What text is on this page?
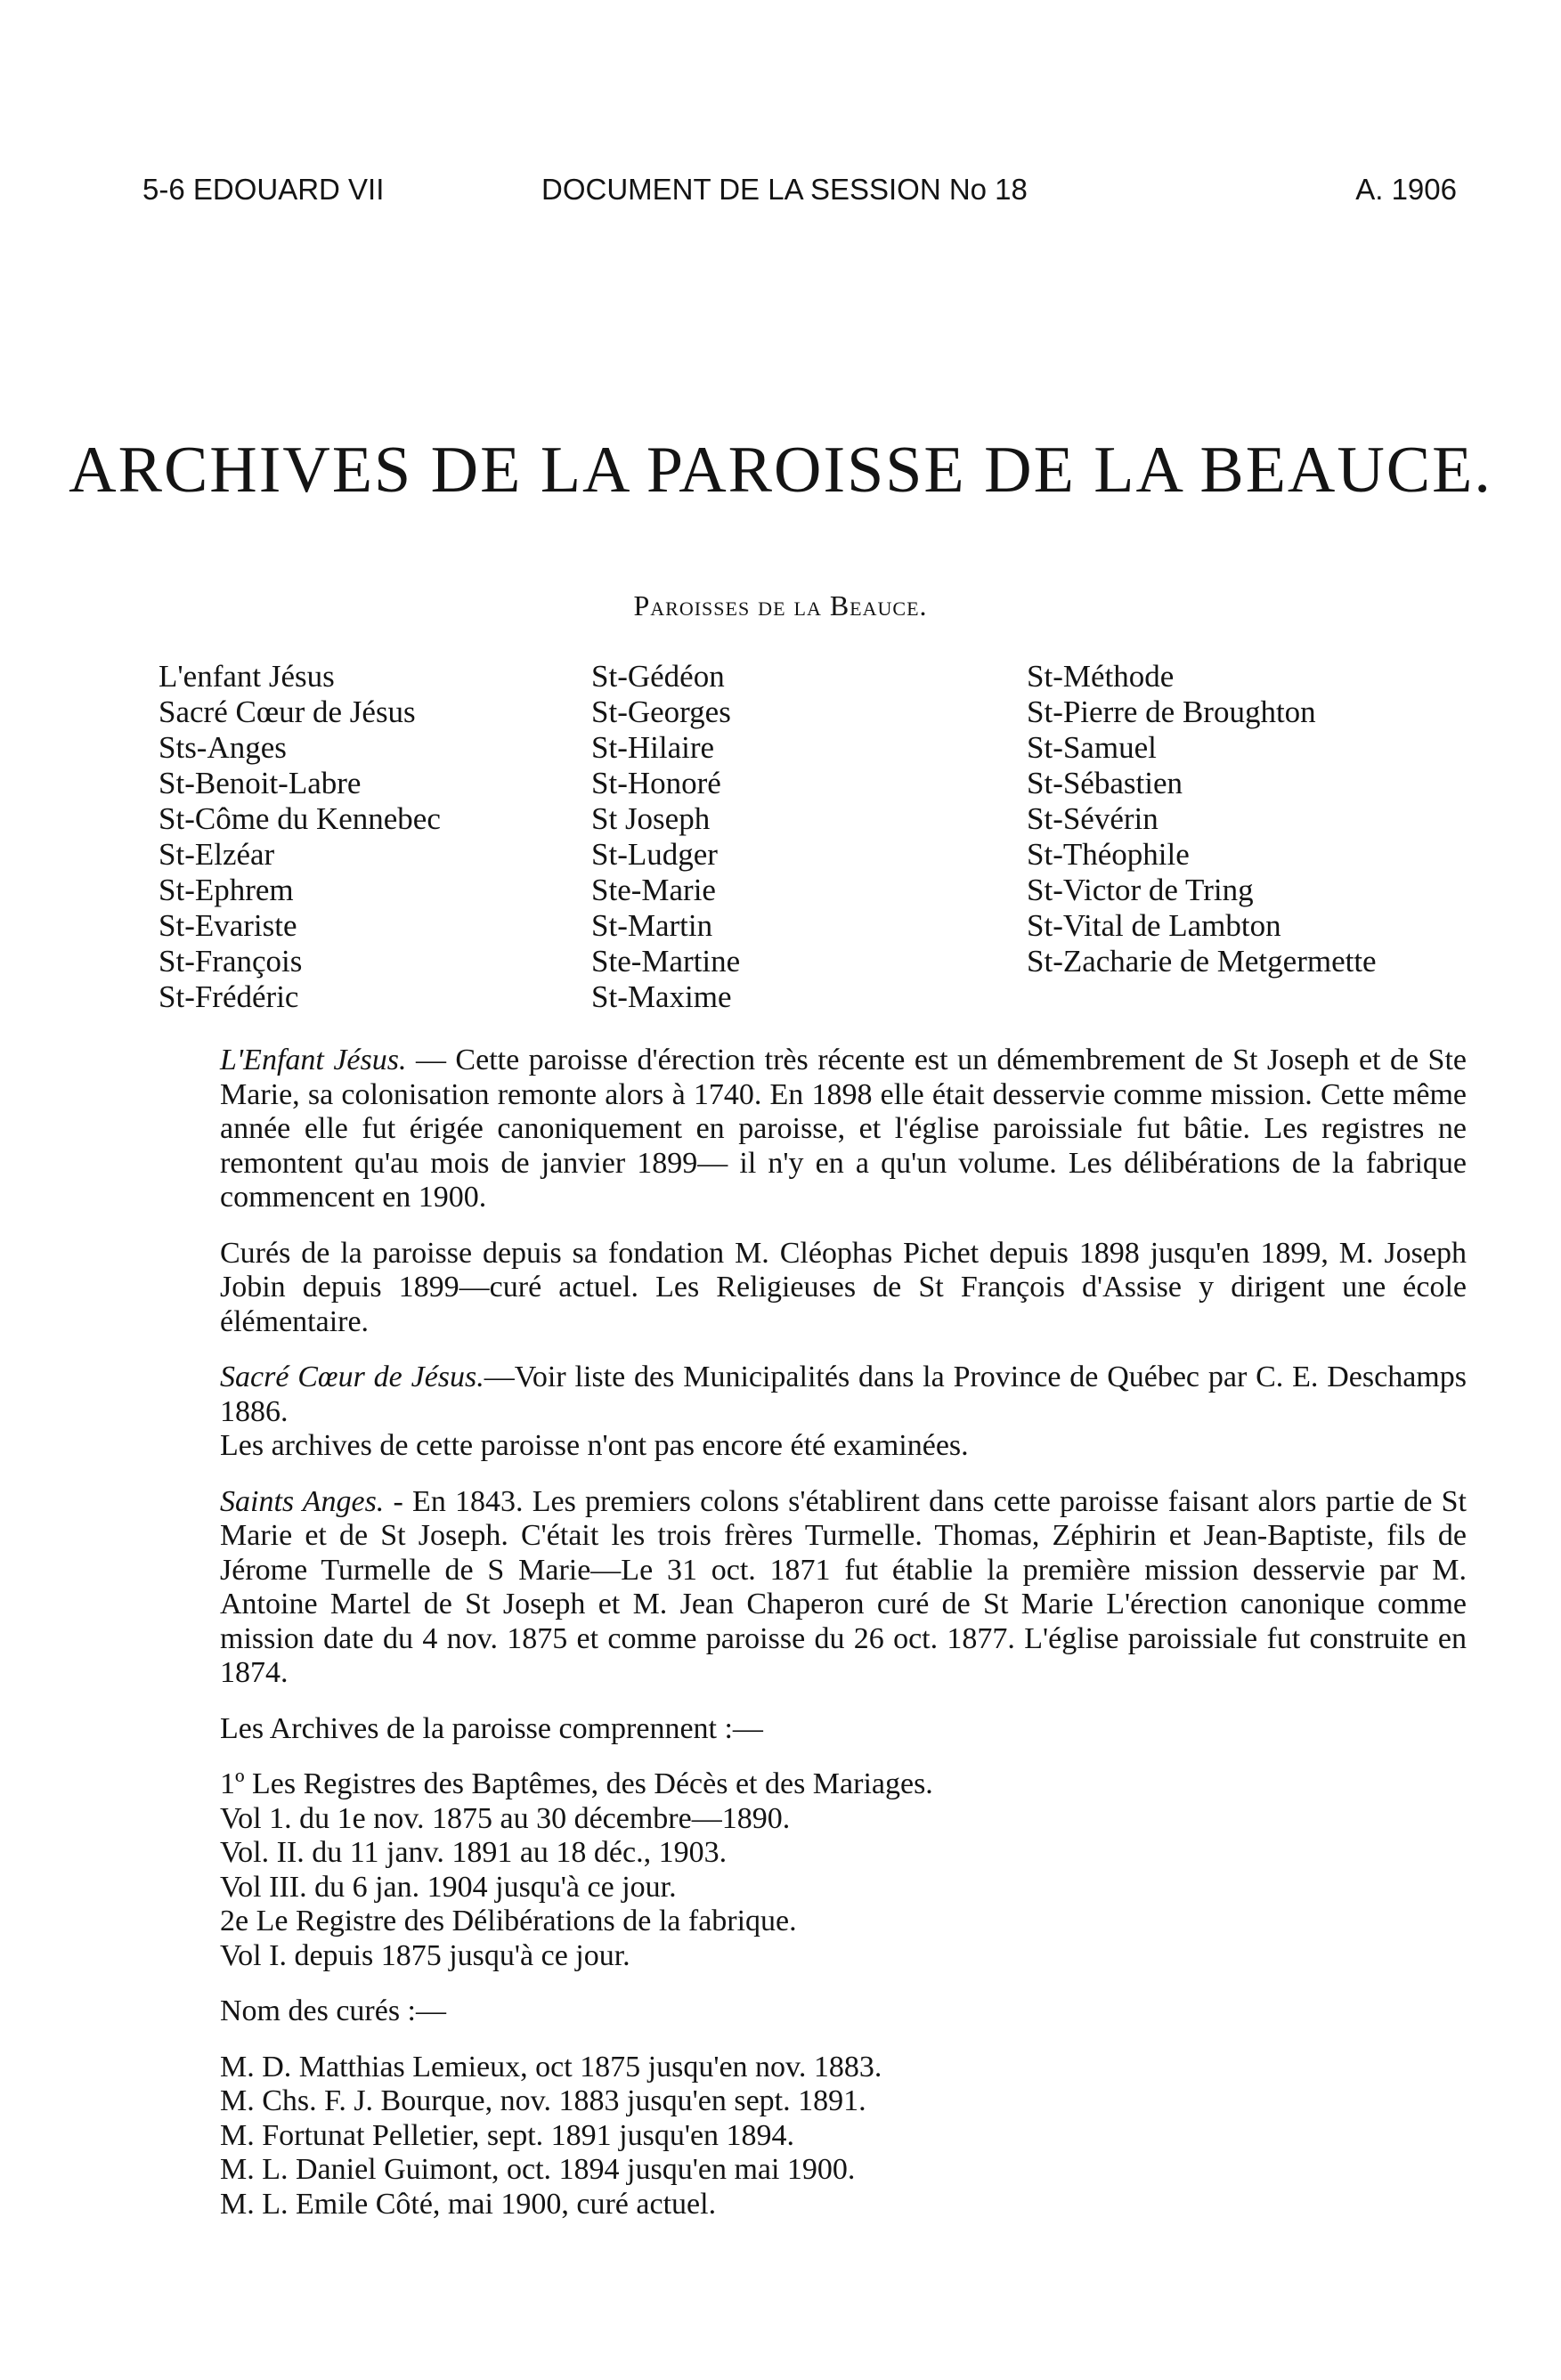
5-6 EDOUARD VII	DOCUMENT DE LA SESSION No 18	A. 1906
ARCHIVES DE LA PAROISSE DE LA BEAUCE.
Paroisses de la Beauce.
L'enfant Jésus
Sacré Cœur de Jésus
Sts-Anges
St-Benoit-Labre
St-Côme du Kennebec
St-Elzéar
St-Ephrem
St-Evariste
St-François
St-Frédéric
St-Gédéon
St-Georges
St-Hilaire
St-Honoré
St Joseph
St-Ludger
Ste-Marie
St-Martin
Ste-Martine
St-Maxime
St-Méthode
St-Pierre de Broughton
St-Samuel
St-Sébastien
St-Sévérin
St-Théophile
St-Victor de Tring
St-Vital de Lambton
St-Zacharie de Metgermette

L'Enfant Jésus. — Cette paroisse d'érection très récente est un démembrement de St Joseph et de Ste Marie, sa colonisation remonte alors à 1740. En 1898 elle était desservie comme mission. Cette même année elle fut érigée canoniquement en paroisse, et l'église paroissiale fut bâtie. Les registres ne remontent qu'au mois de janvier 1899— il n'y en a qu'un volume. Les délibérations de la fabrique commencent en 1900.

Curés de la paroisse depuis sa fondation M. Cléophas Pichet depuis 1898 jusqu'en 1899, M. Joseph Jobin depuis 1899—curé actuel. Les Religieuses de St François d'Assise y dirigent une école élémentaire.

Sacré Cœur de Jésus.—Voir liste des Municipalités dans la Province de Québec par C. E. Deschamps 1886.

Les archives de cette paroisse n'ont pas encore été examinées.

Saints Anges. - En 1843. Les premiers colons s'établirent dans cette paroisse faisant alors partie de St Marie et de St Joseph. C'était les trois frères Turmelle. Thomas, Zéphirin et Jean-Baptiste, fils de Jérome Turmelle de S Marie—Le 31 oct. 1871 fut établie la première mission desservie par M. Antoine Martel de St Joseph et M. Jean Chaperon curé de St Marie L'érection canonique comme mission date du 4 nov. 1875 et comme paroisse du 26 oct. 1877. L'église paroissiale fut construite en 1874.

Les Archives de la paroisse comprennent :—

1º Les Registres des Baptêmes, des Décès et des Mariages.

Vol 1. du 1e nov. 1875 au 30 décembre—1890.

Vol. II. du 11 janv. 1891 au 18 déc., 1903.

Vol III. du 6 jan. 1904 jusqu'à ce jour.

2e Le Registre des Délibérations de la fabrique.

Vol I. depuis 1875 jusqu'à ce jour.

Nom des curés :—

M. D. Matthias Lemieux, oct 1875 jusqu'en nov. 1883.

M. Chs. F. J. Bourque, nov. 1883 jusqu'en sept. 1891.

M. Fortunat Pelletier, sept. 1891 jusqu'en 1894.

M. L. Daniel Guimont, oct. 1894 jusqu'en mai 1900.

M. L. Emile Côté, mai 1900, curé actuel.
